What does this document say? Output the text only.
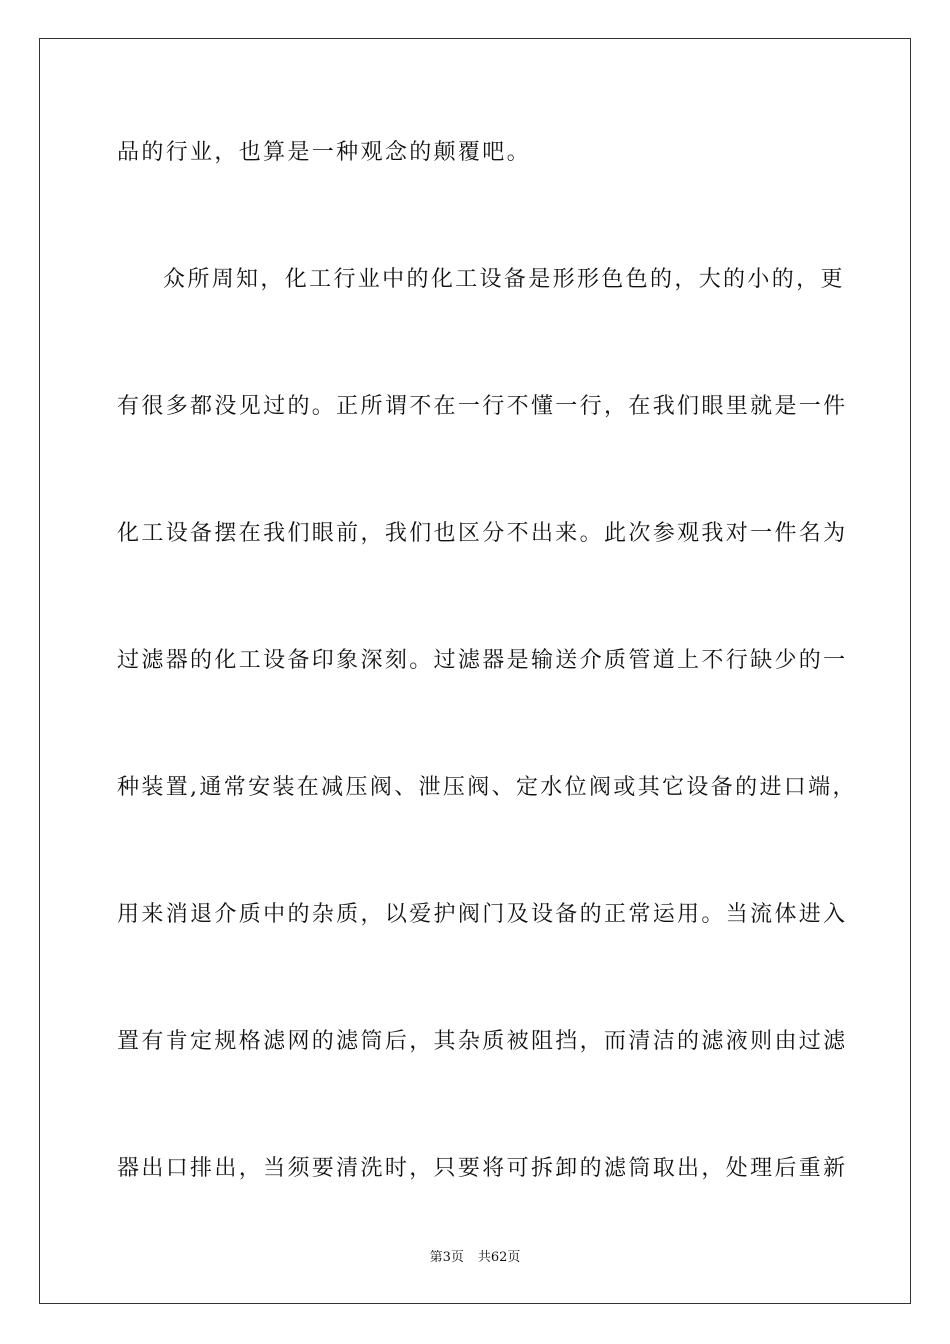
品的行业，也算是一种观念的颠覆吧。
众所周知，化工行业中的化工设备是形形色色的，大的小的，更
有很多都没见过的。正所谓不在一行不懂一行，在我们眼里就是一件
化工设备摆在我们眼前，我们也区分不出来。此次参观我对一件名为
过滤器的化工设备印象深刻。过滤器是输送介质管道上不行缺少的一
种装置,通常安装在减压阀、泄压阀、定水位阀或其它设备的进口端，
用来消退介质中的杂质，以爱护阀门及设备的正常运用。当流体进入
置有肯定规格滤网的滤筒后，其杂质被阻挡，而清洁的滤液则由过滤
器出口排出，当须要清洗时，只要将可拆卸的滤筒取出，处理后重新
第3页 共62页
